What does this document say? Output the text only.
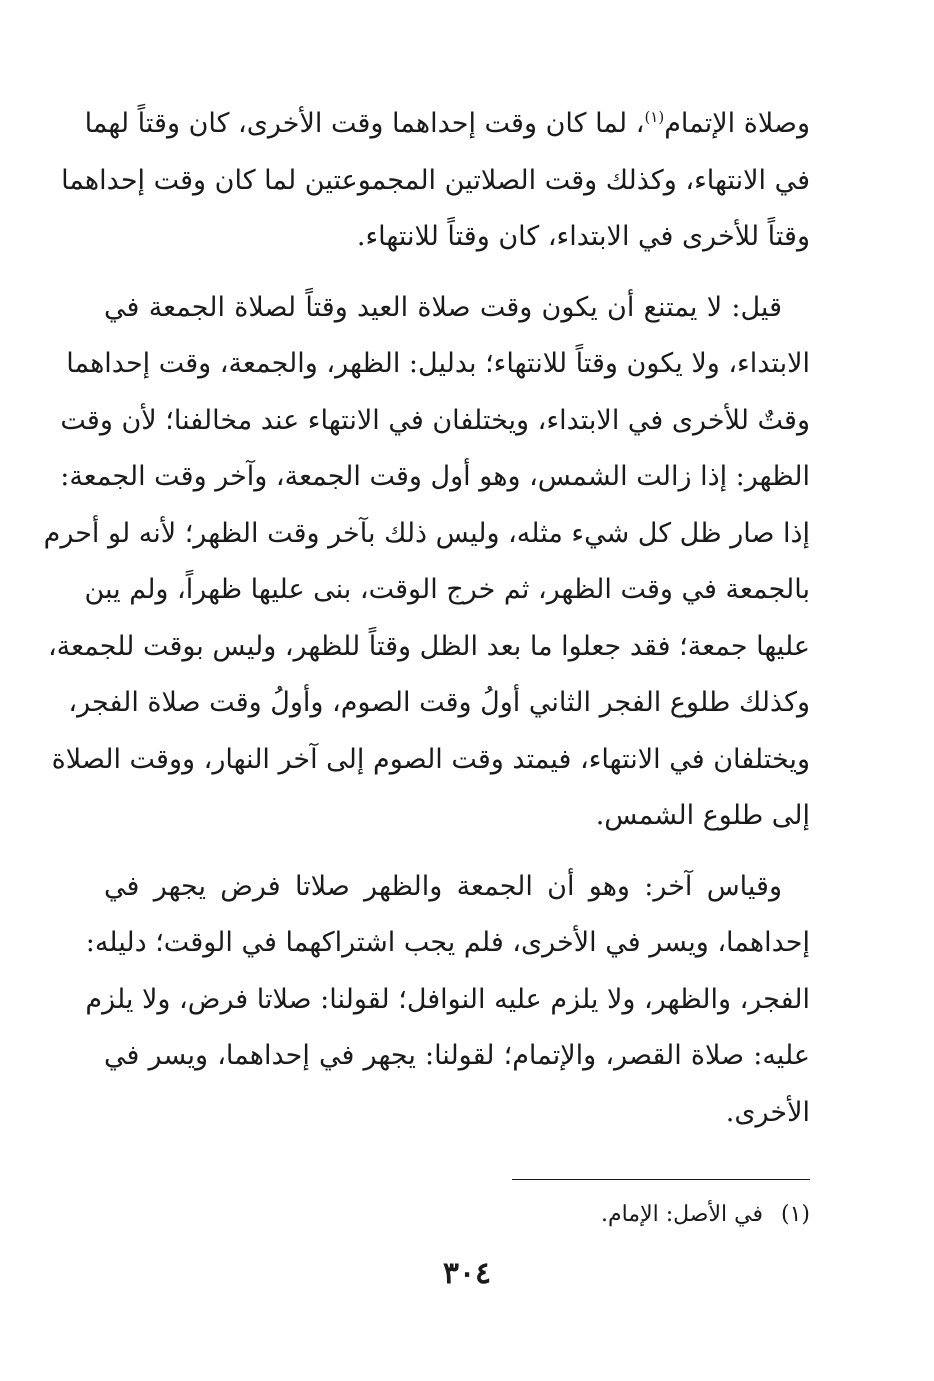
وصلاة الإتمام$^{(١)}$، لما كان وقت إحداهما وقت الأخرى، كان وقتاً لهما
في الانتهاء، وكذلك وقت الصلاتين المجموعتين لما كان وقت إحداهما
وقتاً للأخرى في الابتداء، كان وقتاً للانتهاء.
قيل: لا يمتنع أن يكون وقت صلاة العيد وقتاً لصلاة الجمعة في
الابتداء، ولا يكون وقتاً للانتهاء؛ بدليل: الظهر، والجمعة، وقت إحداهما
وقتٌ للأخرى في الابتداء، ويختلفان في الانتهاء عند مخالفنا؛ لأن وقت
الظهر: إذا زالت الشمس، وهو أول وقت الجمعة، وآخر وقت الجمعة:
إذا صار ظل كل شيء مثله، وليس ذلك بآخر وقت الظهر؛ لأنه لو أحرم
بالجمعة في وقت الظهر، ثم خرج الوقت، بنى عليها ظهراً، ولم يبن
عليها جمعة؛ فقد جعلوا ما بعد الظل وقتاً للظهر، وليس بوقت للجمعة،
وكذلك طلوع الفجر الثاني أولُ وقت الصوم، وأولُ وقت صلاة الفجر،
ويختلفان في الانتهاء، فيمتد وقت الصوم إلى آخر النهار، ووقت الصلاة
إلى طلوع الشمس.
وقياس آخر: وهو أن الجمعة والظهر صلاتا فرض يجهر في
إحداهما، ويسر في الأخرى، فلم يجب اشتراكهما في الوقت؛ دليله:
الفجر، والظهر، ولا يلزم عليه النوافل؛ لقولنا: صلاتا فرض، ولا يلزم
عليه: صلاة القصر، والإتمام؛ لقولنا: يجهر في إحداهما، ويسر في
الأخرى.
(١)في الأصل: الإمام.
٣٠٤
